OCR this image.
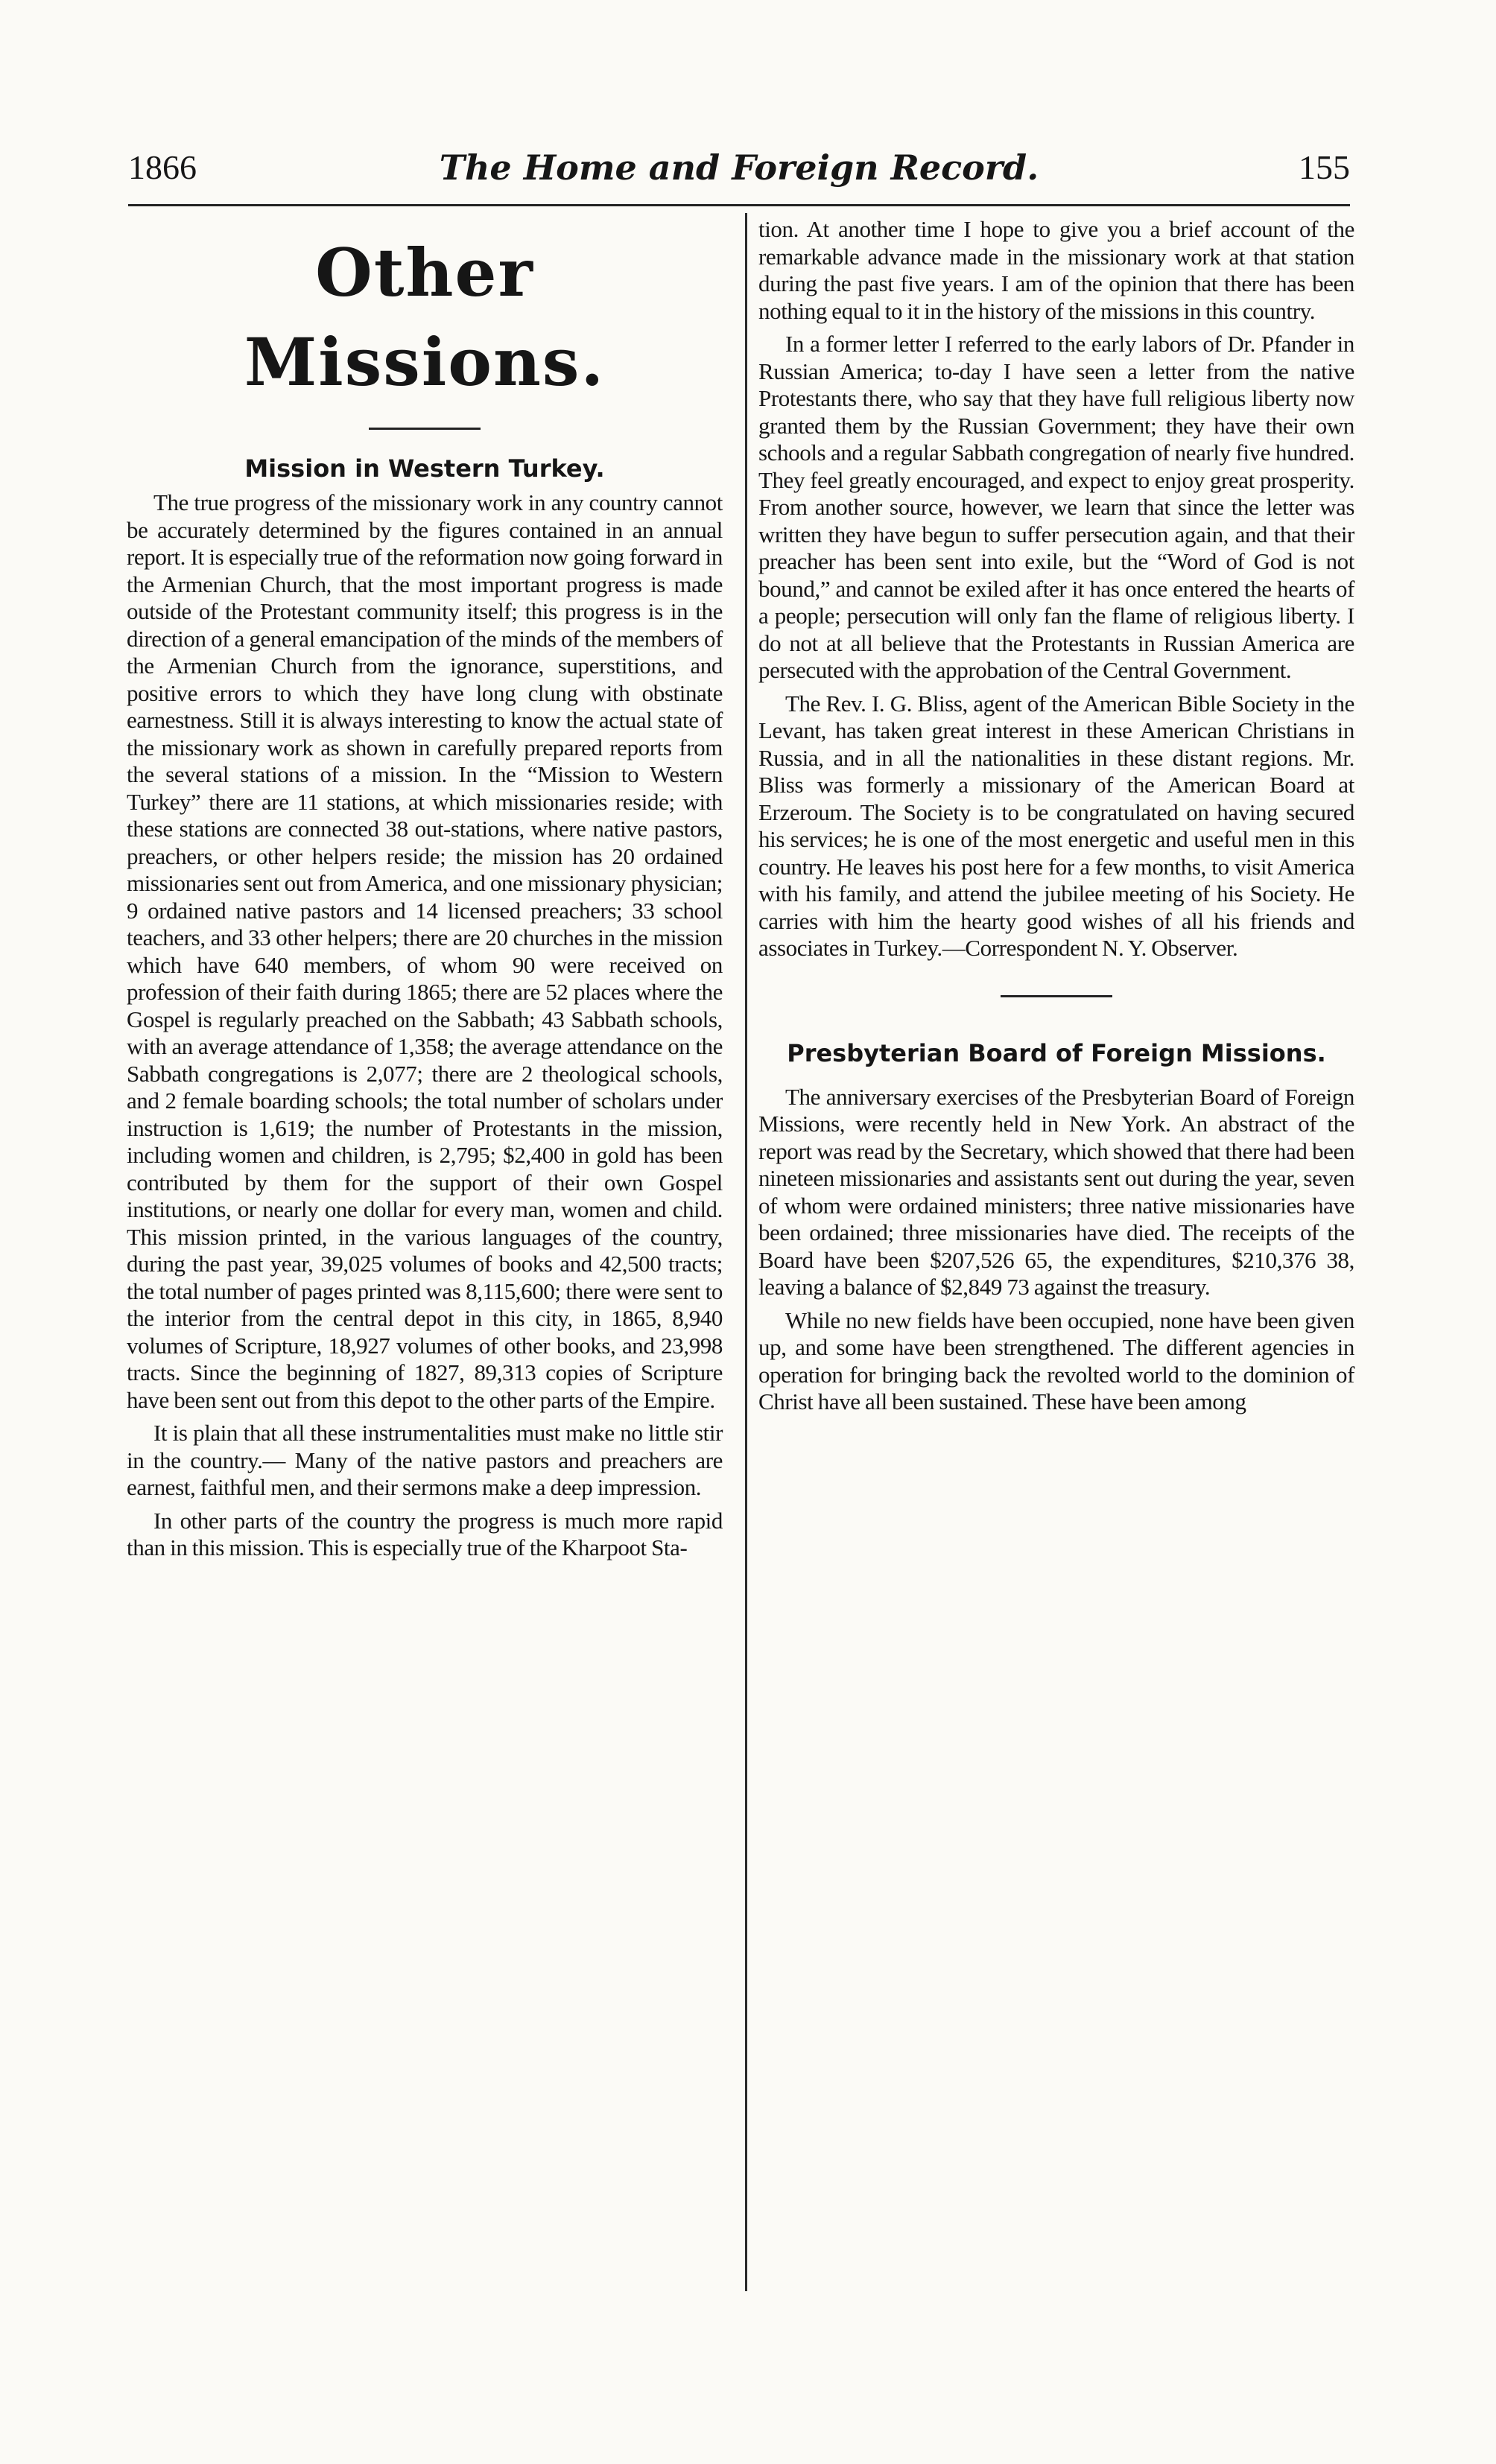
1866	The Home and Foreign Record.	155
Other Missions.
Mission in Western Turkey.

The true progress of the missionary work in any country cannot be accurately determined by the figures contained in an annual report. It is especially true of the reformation now going forward in the Armenian Church, that the most important progress is made outside of the Protestant community itself; this progress is in the direction of a general emancipation of the minds of the members of the Armenian Church from the ignorance, superstitions, and positive errors to which they have long clung with obstinate earnestness. Still it is always interesting to know the actual state of the missionary work as shown in carefully prepared reports from the several stations of a mission. In the “Mission to Western Turkey” there are 11 stations, at which missionaries reside; with these stations are connected 38 out-stations, where native pastors, preachers, or other helpers reside; the mission has 20 ordained missionaries sent out from America, and one missionary physician; 9 ordained native pastors and 14 licensed preachers; 33 school teachers, and 33 other helpers; there are 20 churches in the mission which have 640 members, of whom 90 were received on profession of their faith during 1865; there are 52 places where the Gospel is regularly preached on the Sabbath; 43 Sabbath schools, with an average attendance of 1,358; the average attendance on the Sabbath congregations is 2,077; there are 2 theological schools, and 2 female boarding schools; the total number of scholars under instruction is 1,619; the number of Protestants in the mission, including women and children, is 2,795; $2,400 in gold has been contributed by them for the support of their own Gospel institutions, or nearly one dollar for every man, women and child. This mission printed, in the various languages of the country, during the past year, 39,025 volumes of books and 42,500 tracts; the total number of pages printed was 8,115,600; there were sent to the interior from the central depot in this city, in 1865, 8,940 volumes of Scripture, 18,927 volumes of other books, and 23,998 tracts. Since the beginning of 1827, 89,313 copies of Scripture have been sent out from this depot to the other parts of the Empire.

It is plain that all these instrumentalities must make no little stir in the country.— Many of the native pastors and preachers are earnest, faithful men, and their sermons make a deep impression.

In other parts of the country the progress is much more rapid than in this mission. This is especially true of the Kharpoot Sta-

tion. At another time I hope to give you a brief account of the remarkable advance made in the missionary work at that station during the past five years. I am of the opinion that there has been nothing equal to it in the history of the missions in this country.

In a former letter I referred to the early labors of Dr. Pfander in Russian America; to-day I have seen a letter from the native Protestants there, who say that they have full religious liberty now granted them by the Russian Government; they have their own schools and a regular Sabbath congregation of nearly five hundred. They feel greatly encouraged, and expect to enjoy great prosperity. From another source, however, we learn that since the letter was written they have begun to suffer persecution again, and that their preacher has been sent into exile, but the “Word of God is not bound,” and cannot be exiled after it has once entered the hearts of a people; persecution will only fan the flame of religious liberty. I do not at all believe that the Protestants in Russian America are persecuted with the approbation of the Central Government.

The Rev. I. G. Bliss, agent of the American Bible Society in the Levant, has taken great interest in these American Christians in Russia, and in all the nationalities in these distant regions. Mr. Bliss was formerly a missionary of the American Board at Erzeroum. The Society is to be congratulated on having secured his services; he is one of the most energetic and useful men in this country. He leaves his post here for a few months, to visit America with his family, and attend the jubilee meeting of his Society. He carries with him the hearty good wishes of all his friends and associates in Turkey.—Correspondent N. Y. Observer.

Presbyterian Board of Foreign Missions.

The anniversary exercises of the Presbyterian Board of Foreign Missions, were recently held in New York. An abstract of the report was read by the Secretary, which showed that there had been nineteen missionaries and assistants sent out during the year, seven of whom were ordained ministers; three native missionaries have been ordained; three missionaries have died. The receipts of the Board have been $207,526 65, the expenditures, $210,376 38, leaving a balance of $2,849 73 against the treasury.

While no new fields have been occupied, none have been given up, and some have been strengthened. The different agencies in operation for bringing back the revolted world to the dominion of Christ have all been sustained. These have been among
